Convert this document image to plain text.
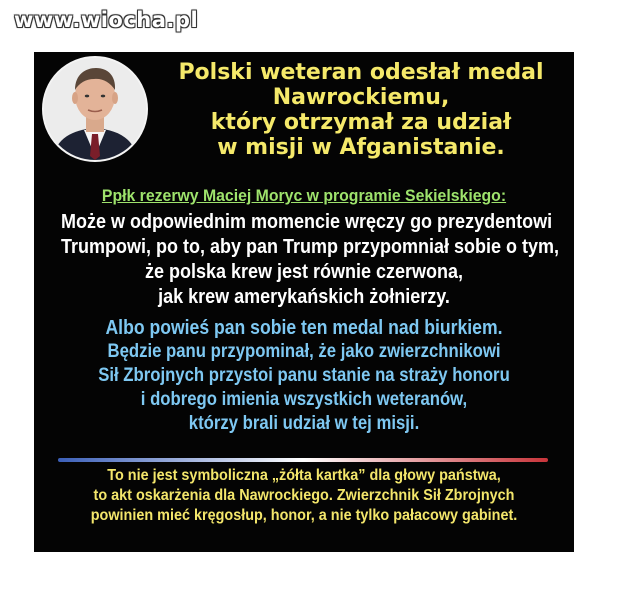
www.wiocha.pl
Polski weteran odesłał medal
Nawrockiemu,
który otrzymał za udział
w misji w Afganistanie.
Ppłk rezerwy Maciej Moryc w programie Sekielskiego:
Może w odpowiednim momencie wręczy go prezydentowi
Trumpowi, po to, aby pan Trump przypomniał sobie o tym,
że polska krew jest równie czerwona,
jak krew amerykańskich żołnierzy.
Albo powieś pan sobie ten medal nad biurkiem.
Będzie panu przypominał, że jako zwierzchnikowi
Sił Zbrojnych przystoi panu stanie na straży honoru
i dobrego imienia wszystkich weteranów,
którzy brali udział w tej misji.
To nie jest symboliczna „żółta kartka” dla głowy państwa,
to akt oskarżenia dla Nawrockiego. Zwierzchnik Sił Zbrojnych
powinien mieć kręgosłup, honor, a nie tylko pałacowy gabinet.
